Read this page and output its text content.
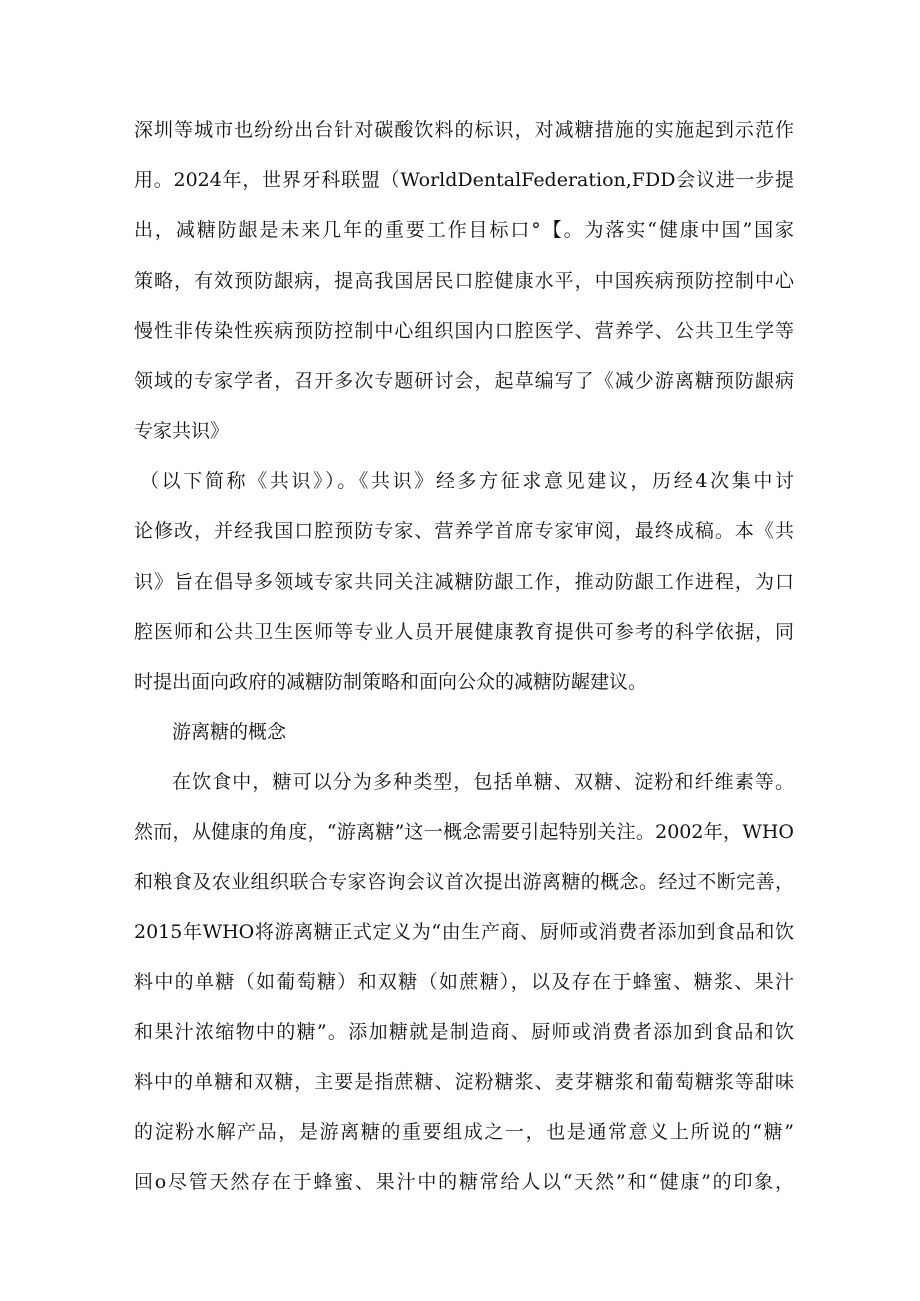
深圳等城市也纷纷出台针对碳酸饮料的标识，对减糖措施的实施起到示范作
用。2024年，世界牙科联盟（WorldDentalFederation,FDD会议进一步提
出，减糖防龈是未来几年的重要工作目标口°【。为落实“健康中国”国家
策略，有效预防龈病，提高我国居民口腔健康水平，中国疾病预防控制中心
慢性非传染性疾病预防控制中心组织国内口腔医学、营养学、公共卫生学等
领域的专家学者，召开多次专题研讨会，起草编写了《减少游离糖预防龈病
专家共识》
（以下简称《共识》）。《共识》经多方征求意见建议，历经4次集中讨
论修改，并经我国口腔预防专家、营养学首席专家审阅，最终成稿。本《共
识》旨在倡导多领域专家共同关注减糖防龈工作，推动防龈工作进程，为口
腔医师和公共卫生医师等专业人员开展健康教育提供可参考的科学依据，同
时提出面向政府的减糖防制策略和面向公众的减糖防龌建议。
游离糖的概念
在饮食中，糖可以分为多种类型，包括单糖、双糖、淀粉和纤维素等。
然而，从健康的角度，“游离糖”这一概念需要引起特别关注。2002年，WHO
和粮食及农业组织联合专家咨询会议首次提出游离糖的概念。经过不断完善，
2015年WHO将游离糖正式定义为“由生产商、厨师或消费者添加到食品和饮
料中的单糖（如葡萄糖）和双糖（如蔗糖），以及存在于蜂蜜、糖浆、果汁
和果汁浓缩物中的糖”。添加糖就是制造商、厨师或消费者添加到食品和饮
料中的单糖和双糖，主要是指蔗糖、淀粉糖浆、麦芽糖浆和葡萄糖浆等甜味
的淀粉水解产品，是游离糖的重要组成之一，也是通常意义上所说的“糖”
回o尽管天然存在于蜂蜜、果汁中的糖常给人以“天然”和“健康”的印象，
